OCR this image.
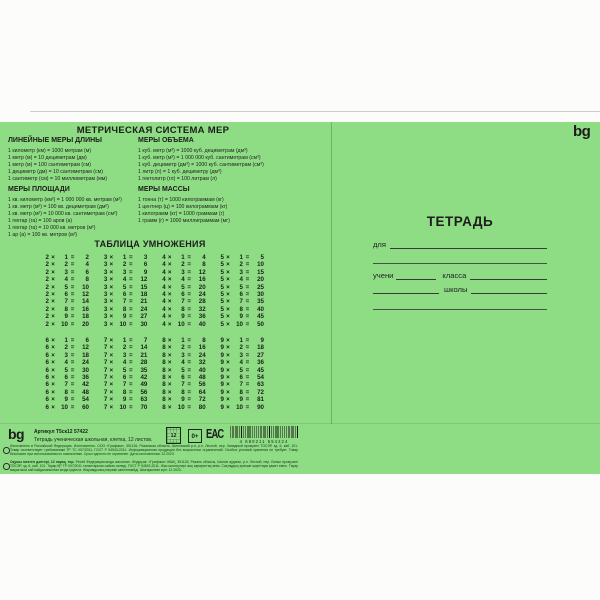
МЕТРИЧЕСКАЯ СИСТЕМА МЕР
ЛИНЕЙНЫЕ МЕРЫ ДЛИНЫ
1 километр (км) = 1000 метрам (м)
1 метр (м) = 10 дециметрам (дм)
1 метр (м) = 100 сантиметрам (см)
1 дециметр (дм) = 10 сантиметрам (см)
1 сантиметр (см) = 10 миллиметрам (мм)
МЕРЫ ПЛОЩАДИ
1 кв. километр (км²) = 1 000 000 кв. метрам (м²)
1 кв. метр (м²) = 100 кв. дециметрам (дм²)
1 кв. метр (м²) = 10 000 кв. сантиметрам (см²)
1 гектар (га) = 100 аров (а)
1 гектар (га) = 10 000 кв. метров (м²)
1 ар (а) = 100 кв. метров (м²)
МЕРЫ ОБЪЕМА
1 куб. метр (м³) = 1000 куб. дециметрам (дм³)
1 куб. метр (м³) = 1 000 000 куб. сантиметрам (см³)
1 куб. дециметр (дм³) = 1000 куб. сантиметрам (см³)
1 литр (л) = 1 куб. дециметру (дм³)
1 гектолитр (гл) = 100 литрам (л)
МЕРЫ МАССЫ
1 тонна (т) = 1000 килограммам (кг)
1 центнер (ц) = 100 килограммам (кг)
1 килограмм (кг) = 1000 граммам (г)
1 грамм (г) = 1000 миллиграммам (мг)
ТАБЛИЦА УМНОЖЕНИЯ
2 ×	1 =	2
2 ×	2 =	4
2 ×	3 =	6
2 ×	4 =	8
2 ×	5 =	10
2 ×	6 =	12
2 ×	7 =	14
2 ×	8 =	16
2 ×	9 =	18
2 ×	10 =	20
3 ×	1 =	3
3 ×	2 =	6
3 ×	3 =	9
3 ×	4 =	12
3 ×	5 =	15
3 ×	6 =	18
3 ×	7 =	21
3 ×	8 =	24
3 ×	9 =	27
3 ×	10 =	30
4 ×	1 =	4
4 ×	2 =	8
4 ×	3 =	12
4 ×	4 =	16
4 ×	5 =	20
4 ×	6 =	24
4 ×	7 =	28
4 ×	8 =	32
4 ×	9 =	36
4 ×	10 =	40
5 ×	1 =	5
5 ×	2 =	10
5 ×	3 =	15
5 ×	4 =	20
5 ×	5 =	25
5 ×	6 =	30
5 ×	7 =	35
5 ×	8 =	40
5 ×	9 =	45
5 ×	10 =	50
6 ×	1 =	6
6 ×	2 =	12
6 ×	3 =	18
6 ×	4 =	24
6 ×	5 =	30
6 ×	6 =	36
6 ×	7 =	42
6 ×	8 =	48
6 ×	9 =	54
6 ×	10 =	60
7 ×	1 =	7
7 ×	2 =	14
7 ×	3 =	21
7 ×	4 =	28
7 ×	5 =	35
7 ×	6 =	42
7 ×	7 =	49
7 ×	8 =	56
7 ×	9 =	63
7 ×	10 =	70
8 ×	1 =	8
8 ×	2 =	16
8 ×	3 =	24
8 ×	4 =	32
8 ×	5 =	40
8 ×	6 =	48
8 ×	7 =	56
8 ×	8 =	64
8 ×	9 =	72
8 ×	10 =	80
9 ×	1 =	9
9 ×	2 =	18
9 ×	3 =	27
9 ×	4 =	36
9 ×	5 =	45
9 ×	6 =	54
9 ×	7 =	63
9 ×	8 =	72
9 ×	9 =	81
9 ×	10 =	90
bg
ТЕТРАДЬ
для
учени	класса
школы
bg Артикул Т5ск12 57422
Тетрадь ученическая школьная, клетка, 12 листов.
12 0+ ЕАС	4 680211 554224
Изготовлено в Российской Федерации. Изготовитель: ООО «Графика», 391126, Рязанская область, Шиловский р-н, р.п. Лесной, пер. Западный промузел ТОСЭР, зд. 6, каб. 101. Товар соответствует требованиям ТР ТС 007/2011, ГОСТ Р 54543-2011. Информационная продукция без возрастных ограничений. Особых условий хранения не требует. Товар безопасен при использовании по назначению. Срок годности не ограничен. Дата изготовления: 12.2023.
Оқушы мектеп дәптері, 12 парақ, тор. Ресей Федерациясында жасалған. Өндіруші: «Графика» ЖШҚ, 391126, Рязань облысы, Шилов ауданы, р.п. Лесной, пер. Батыс промузелі ТОСЭР, зд. 6, каб. 101. Тауар ҚР ТР 007/2011 талаптарына сәйкес келеді, ГОСТ Р 54543-2011. Жас шектеулері жоқ ақпараттық өнім. Сақтаудың ерекше шарттары қажет емес. Тауар мақсатына сай пайдаланылған кезде қауіпсіз. Жарамдылық мерзімі шектелмейді. Шығарылған күні: 12.2023.
